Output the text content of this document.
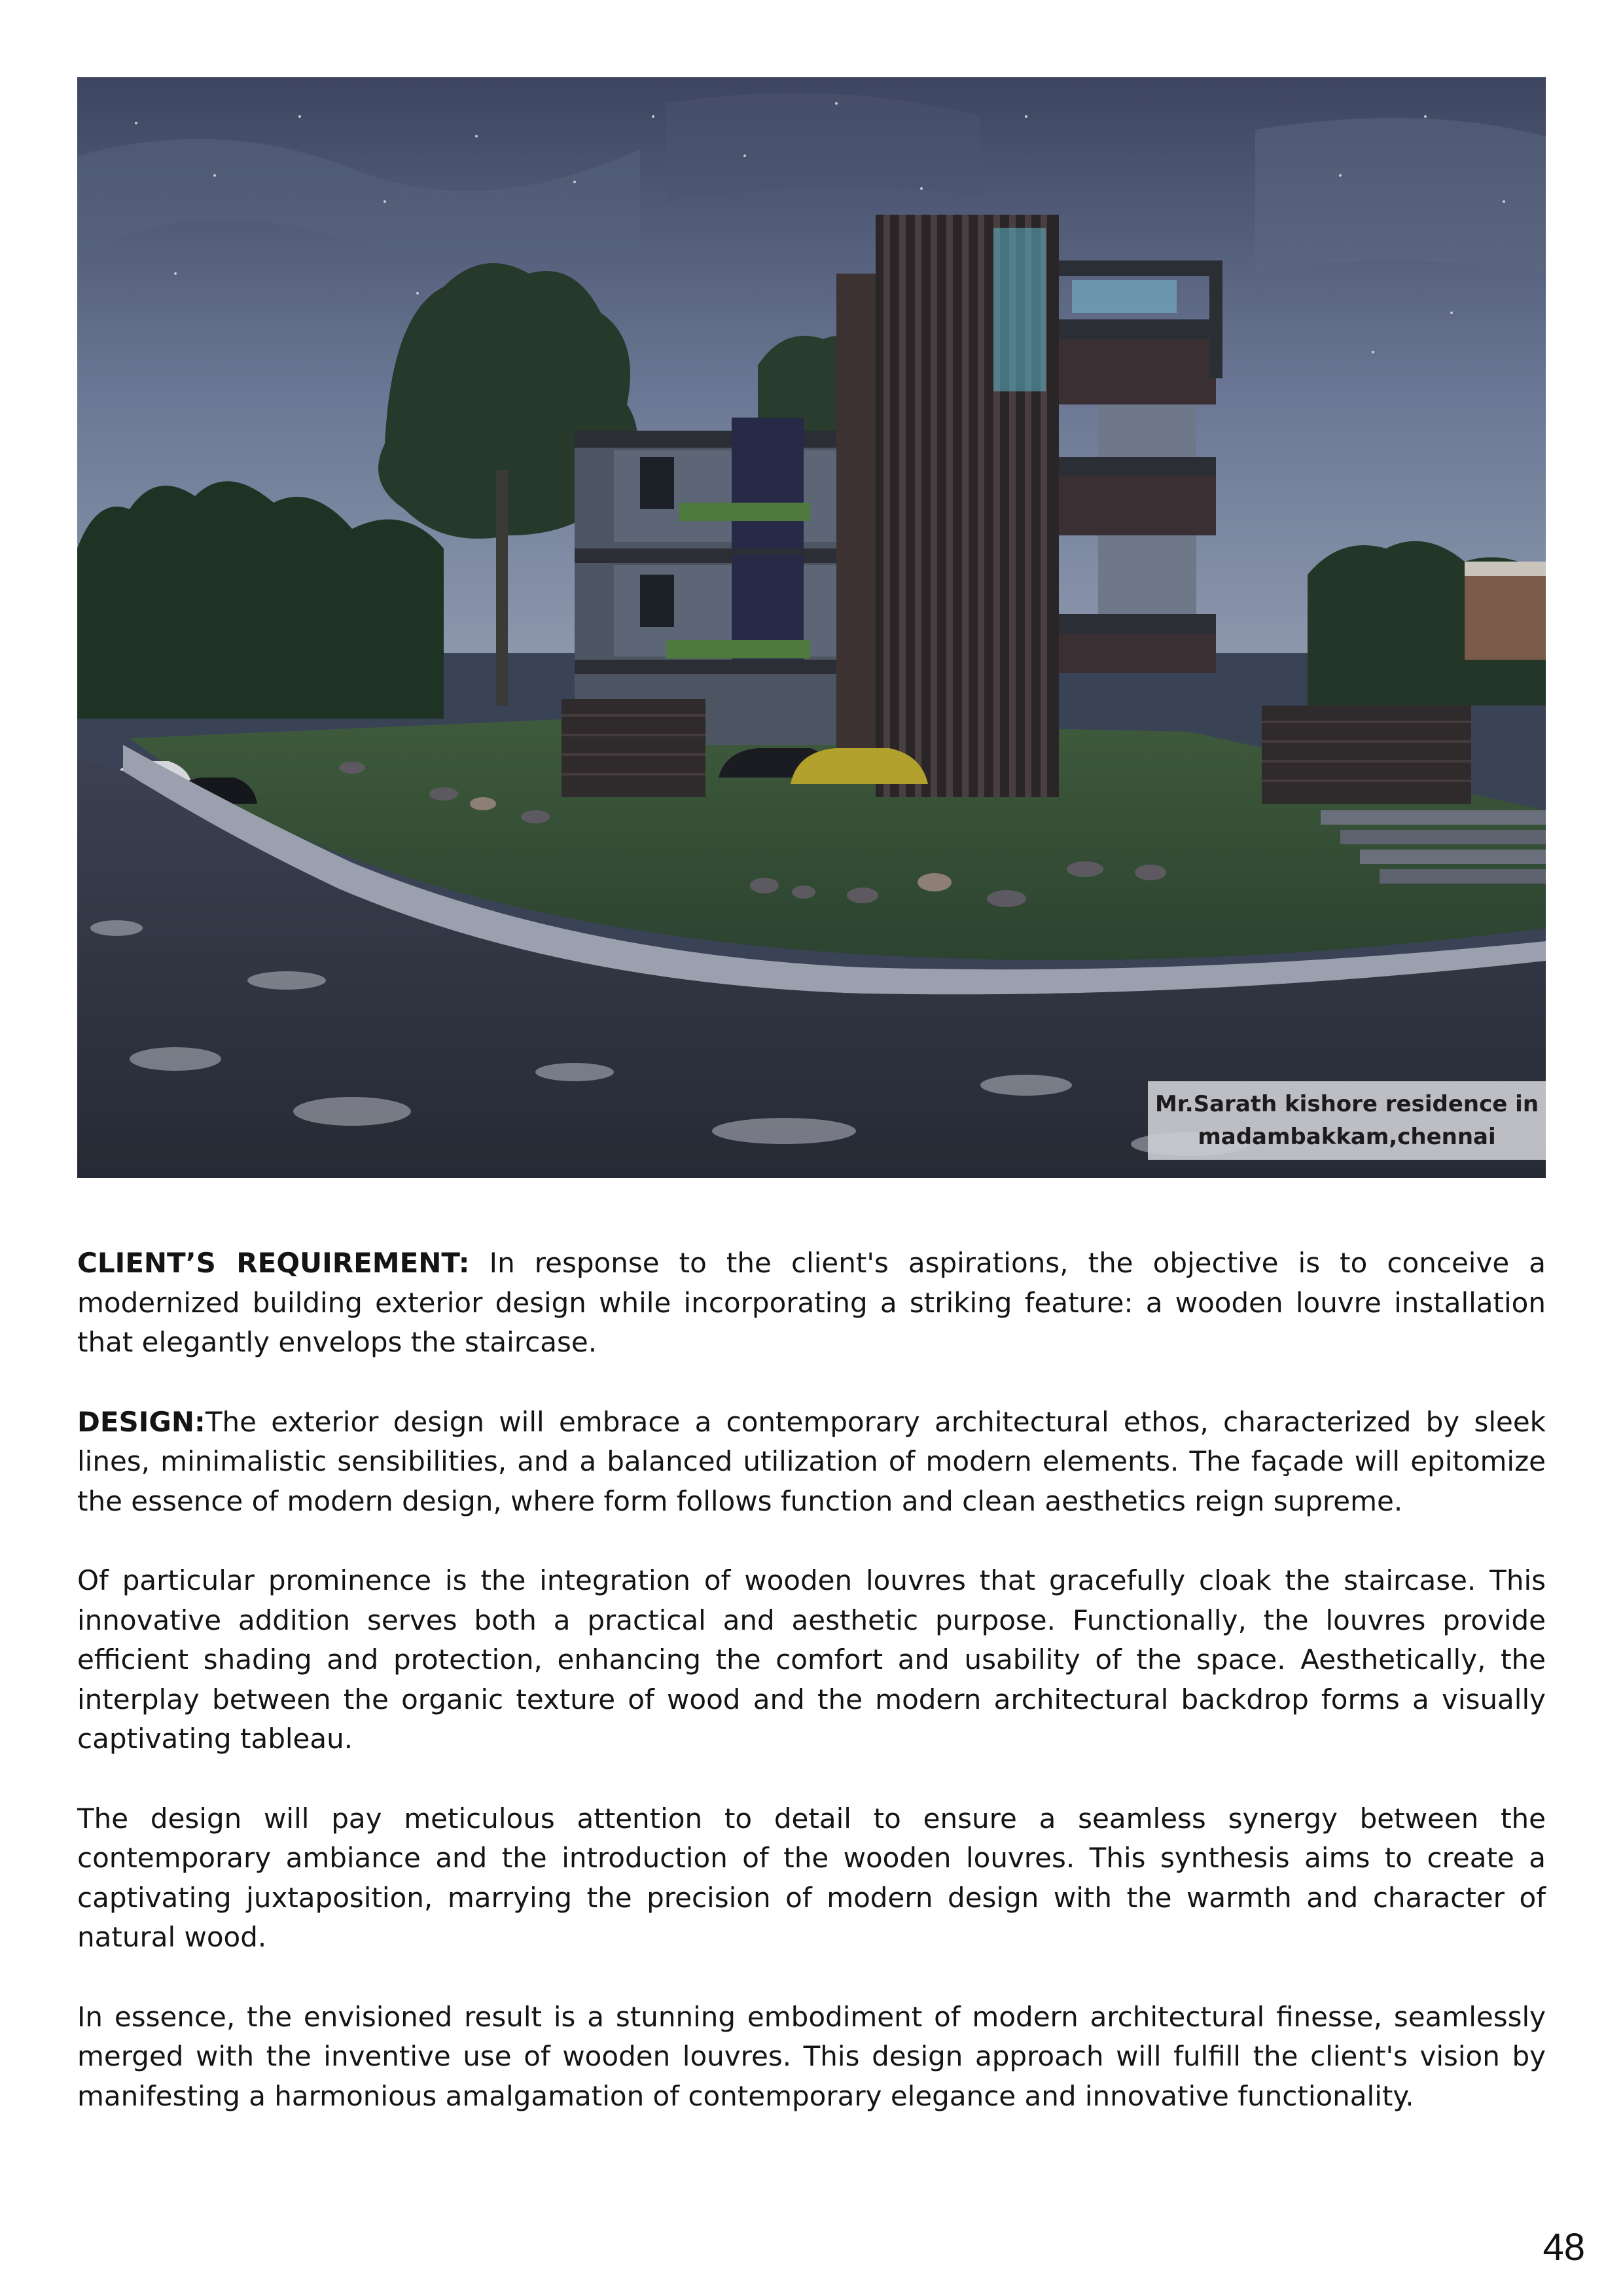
Mr.Sarath kishore residence in
madambakkam,chennai

CLIENT’S REQUIREMENT: In response to the client's aspirations, the objective is to conceive a modernized building exterior design while incorporating a striking feature: a wooden louvre installation that elegantly envelops the staircase.

DESIGN:The exterior design will embrace a contemporary architectural ethos, characterized by sleek lines, minimalistic sensibilities, and a balanced utilization of modern elements. The façade will epitomize the essence of modern design, where form follows function and clean aesthetics reign supreme.

Of particular prominence is the integration of wooden louvres that gracefully cloak the staircase. This innovative addition serves both a practical and aesthetic purpose. Functionally, the louvres provide efficient shading and protection, enhancing the comfort and usability of the space. Aesthetically, the interplay between the organic texture of wood and the modern architectural backdrop forms a visually captivating tableau.

The design will pay meticulous attention to detail to ensure a seamless synergy between the contemporary ambiance and the introduction of the wooden louvres. This synthesis aims to create a captivating juxtaposition, marrying the precision of modern design with the warmth and character of natural wood.

In essence, the envisioned result is a stunning embodiment of modern architectural finesse, seamlessly merged with the inventive use of wooden louvres. This design approach will fulfill the client's vision by manifesting a harmonious amalgamation of contemporary elegance and innovative functionality.

48
